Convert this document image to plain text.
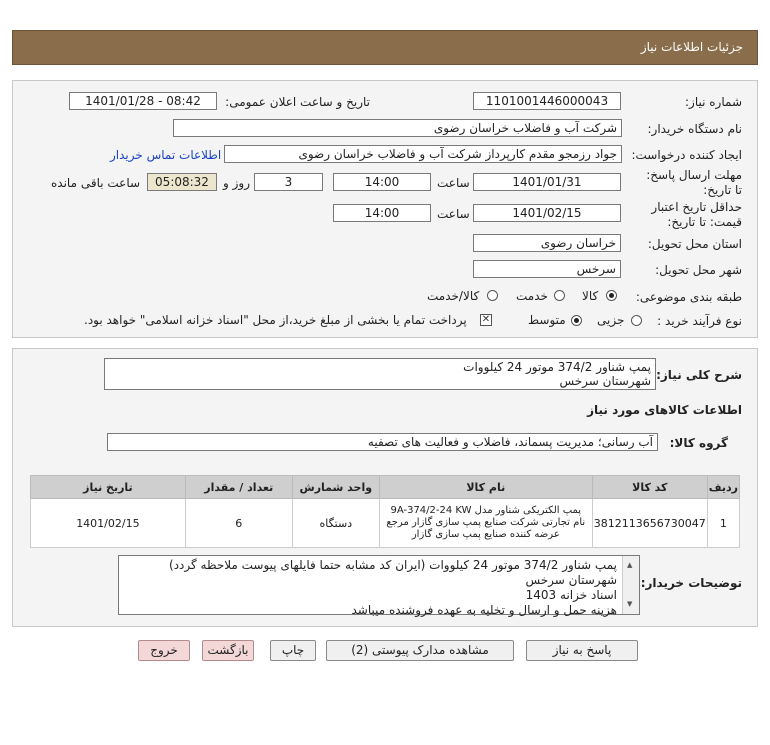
جزئیات اطلاعات نیاز
شماره نیاز:
1101001446000043
تاریخ و ساعت اعلان عمومی:
1401/01/28 - 08:42
نام دستگاه خریدار:
شرکت آب و فاضلاب خراسان رضوی
ایجاد کننده درخواست:
جواد رزمجو مقدم کارپرداز شرکت آب و فاضلاب خراسان رضوی
اطلاعات تماس خریدار
مهلت ارسال پاسخ: تا تاریخ:
1401/01/31
ساعت
14:00
3
روز و
05:08:32
ساعت باقی مانده
حداقل تاریخ اعتبار قیمت: تا تاریخ:
1401/02/15
ساعت
14:00
استان محل تحویل:
خراسان رضوی
شهر محل تحویل:
سرخس
طبقه بندی موضوعی:
کالا
خدمت
کالا/خدمت
نوع فرآیند خرید :
جزیی
متوسط
✕
پرداخت تمام یا بخشی از مبلغ خرید،از محل "اسناد خزانه اسلامی" خواهد بود.
شرح کلی نیاز:
پمپ شناور 374/2 موتور 24 کیلووات
شهرستان سرخس
اطلاعات کالاهای مورد نیاز
گروه کالا:
آب رسانی؛ مدیریت پسماند، فاضلاب و فعالیت های تصفیه
ردیف	کد کالا	نام کالا	واحد شمارش	تعداد / مقدار	تاریخ نیاز
1	3812113656730047	پمپ الکتریکی شناور مدل 9A-374/2-24 KW نام تجارتی شرکت صنایع پمپ سازی گازار مرجع عرضه کننده صنایع پمپ سازی گازار	دستگاه	6	1401/02/15
توضیحات خریدار:
▲
▼
پمپ شناور 374/2 موتور 24 کیلووات (ایران کد مشابه حتما فایلهای پیوست ملاحظه گردد)
شهرستان سرخس
اسناد خزانه 1403
هزینه حمل و ارسال و تخلیه به عهده فروشنده میباشد
پاسخ به نیاز
مشاهده مدارک پیوستی (2)
چاپ
بازگشت
خروج
